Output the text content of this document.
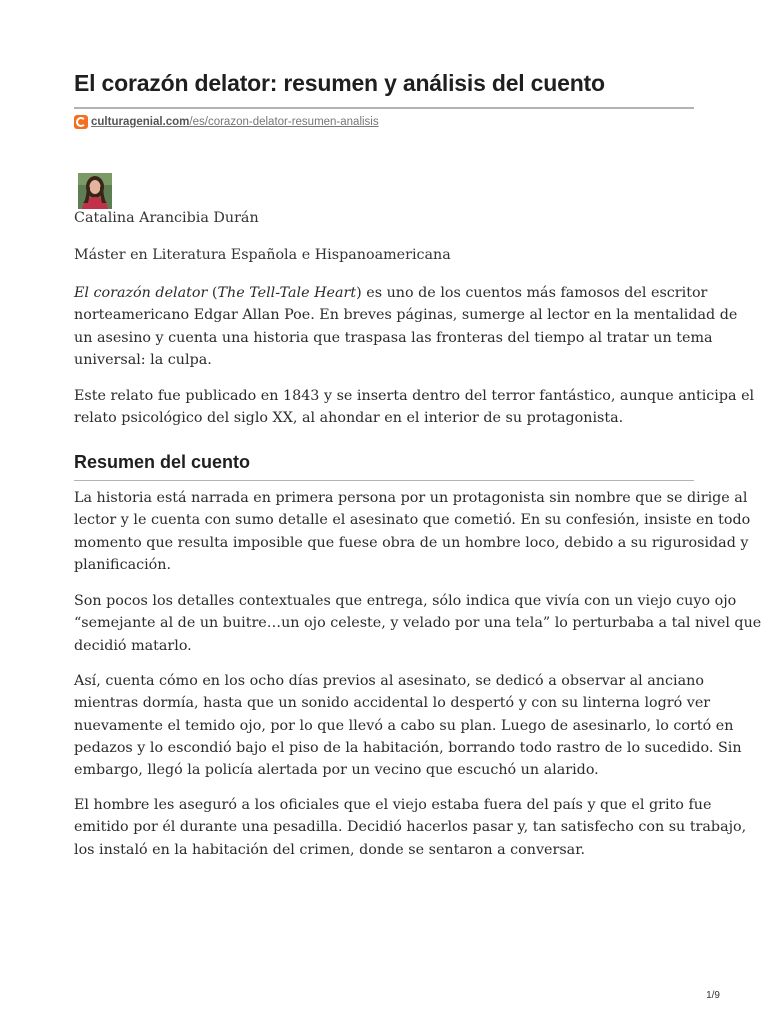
El corazón delator: resumen y análisis del cuento
culturagenial.com/es/corazon-delator-resumen-analisis
Catalina Arancibia Durán
Máster en Literatura Española e Hispanoamericana

El corazón delator (The Tell-Tale Heart) es uno de los cuentos más famosos del escritor
norteamericano Edgar Allan Poe. En breves páginas, sumerge al lector en la mentalidad de
un asesino y cuenta una historia que traspasa las fronteras del tiempo al tratar un tema
universal: la culpa.

Este relato fue publicado en 1843 y se inserta dentro del terror fantástico, aunque anticipa el
relato psicológico del siglo XX, al ahondar en el interior de su protagonista.

Resumen del cuento

La historia está narrada en primera persona por un protagonista sin nombre que se dirige al
lector y le cuenta con sumo detalle el asesinato que cometió. En su confesión, insiste en todo
momento que resulta imposible que fuese obra de un hombre loco, debido a su rigurosidad y
planificación.

Son pocos los detalles contextuales que entrega, sólo indica que vivía con un viejo cuyo ojo
“semejante al de un buitre…un ojo celeste, y velado por una tela” lo perturbaba a tal nivel que
decidió matarlo.

Así, cuenta cómo en los ocho días previos al asesinato, se dedicó a observar al anciano
mientras dormía, hasta que un sonido accidental lo despertó y con su linterna logró ver
nuevamente el temido ojo, por lo que llevó a cabo su plan. Luego de asesinarlo, lo cortó en
pedazos y lo escondió bajo el piso de la habitación, borrando todo rastro de lo sucedido. Sin
embargo, llegó la policía alertada por un vecino que escuchó un alarido.

El hombre les aseguró a los oficiales que el viejo estaba fuera del país y que el grito fue
emitido por él durante una pesadilla. Decidió hacerlos pasar y, tan satisfecho con su trabajo,
los instaló en la habitación del crimen, donde se sentaron a conversar.

1/9
